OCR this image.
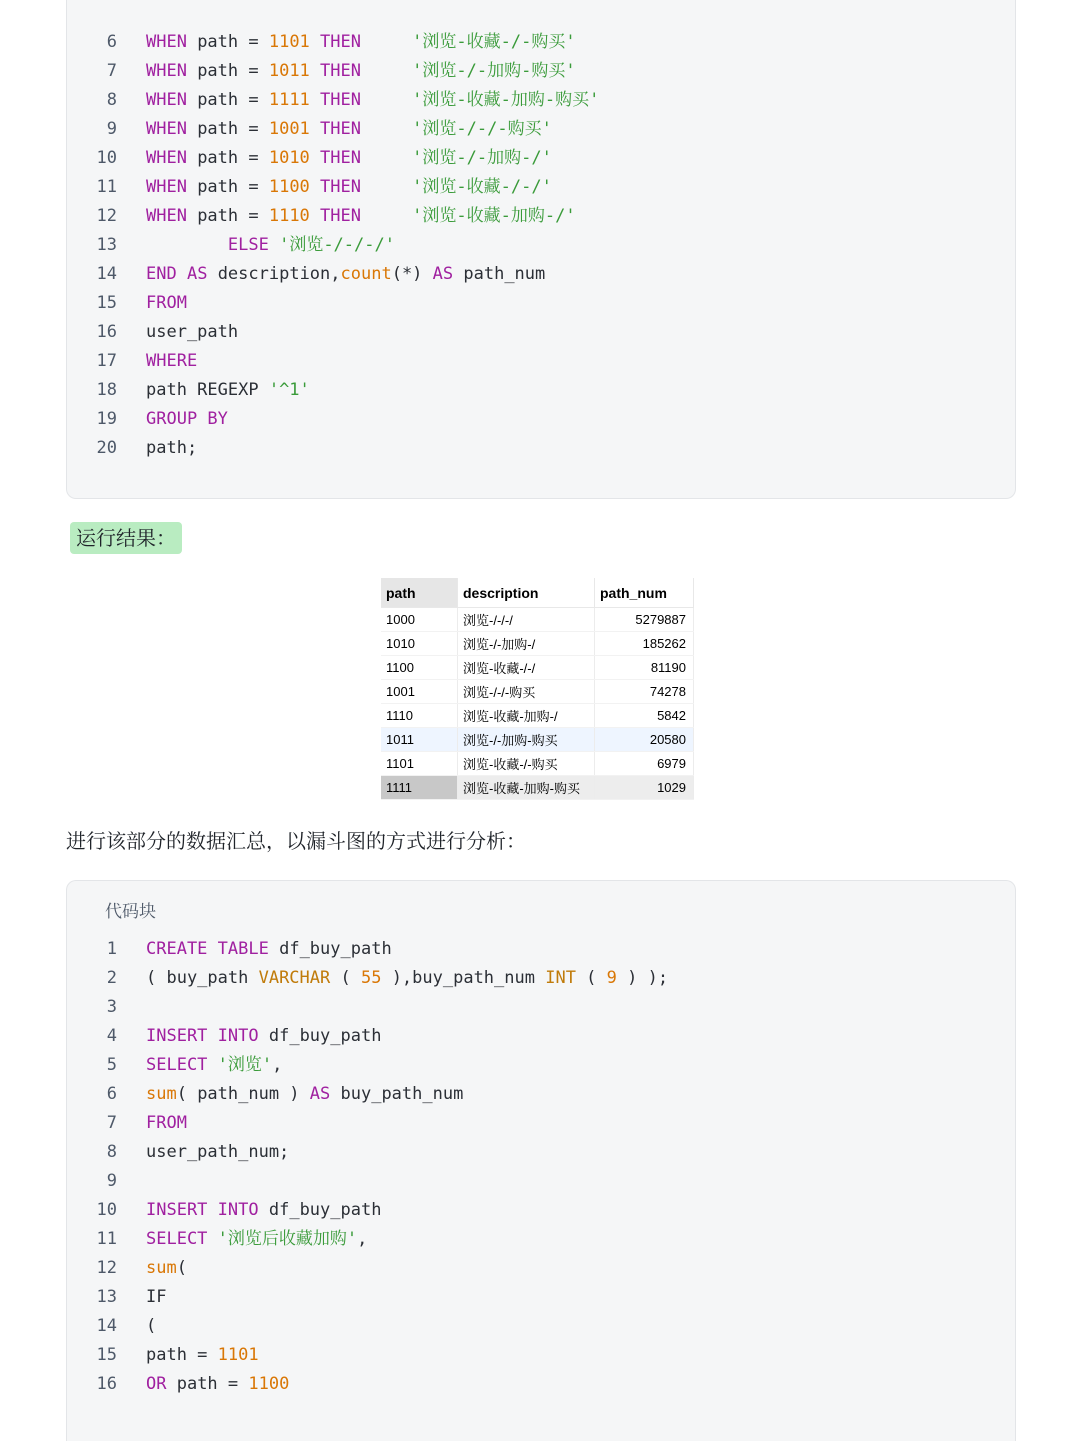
6 WHEN path = 1101 THEN	'浏览-收藏-/-购买'
7 WHEN path = 1011 THEN	'浏览-/-加购-购买'
8 WHEN path = 1111 THEN	'浏览-收藏-加购-购买'
9 WHEN path = 1001 THEN	'浏览-/-/-购买'
10 WHEN path = 1010 THEN	'浏览-/-加购-/'
11 WHEN path = 1100 THEN	'浏览-收藏-/-/'
12 WHEN path = 1110 THEN	'浏览-收藏-加购-/'
13        ELSE '浏览-/-/-/'
14 END AS description,count(*) AS path_num
15 FROM
16 user_path
17 WHERE
18 path REGEXP '^1'
19 GROUP BY
20 path;
运行结果：
path	description	path_num
1000	浏览-/-/-/	5279887
1010	浏览-/-加购-/	185262
1100	浏览-收藏-/-/	81190
1001	浏览-/-/-购买	74278
1110	浏览-收藏-加购-/	5842
1011	浏览-/-加购-购买	20580
1101	浏览-收藏-/-购买	6979
1111	浏览-收藏-加购-购买	1029
进行该部分的数据汇总，以漏斗图的方式进行分析：
代码块
1 CREATE TABLE df_buy_path
2 ( buy_path VARCHAR ( 55 ),buy_path_num INT ( 9 ) );
3
4 INSERT INTO df_buy_path
5 SELECT '浏览',
6 sum( path_num ) AS buy_path_num
7 FROM
8 user_path_num;
9
10 INSERT INTO df_buy_path
11 SELECT '浏览后收藏加购',
12 sum(
13 IF
14 (
15 path = 1101
16 OR path = 1100
